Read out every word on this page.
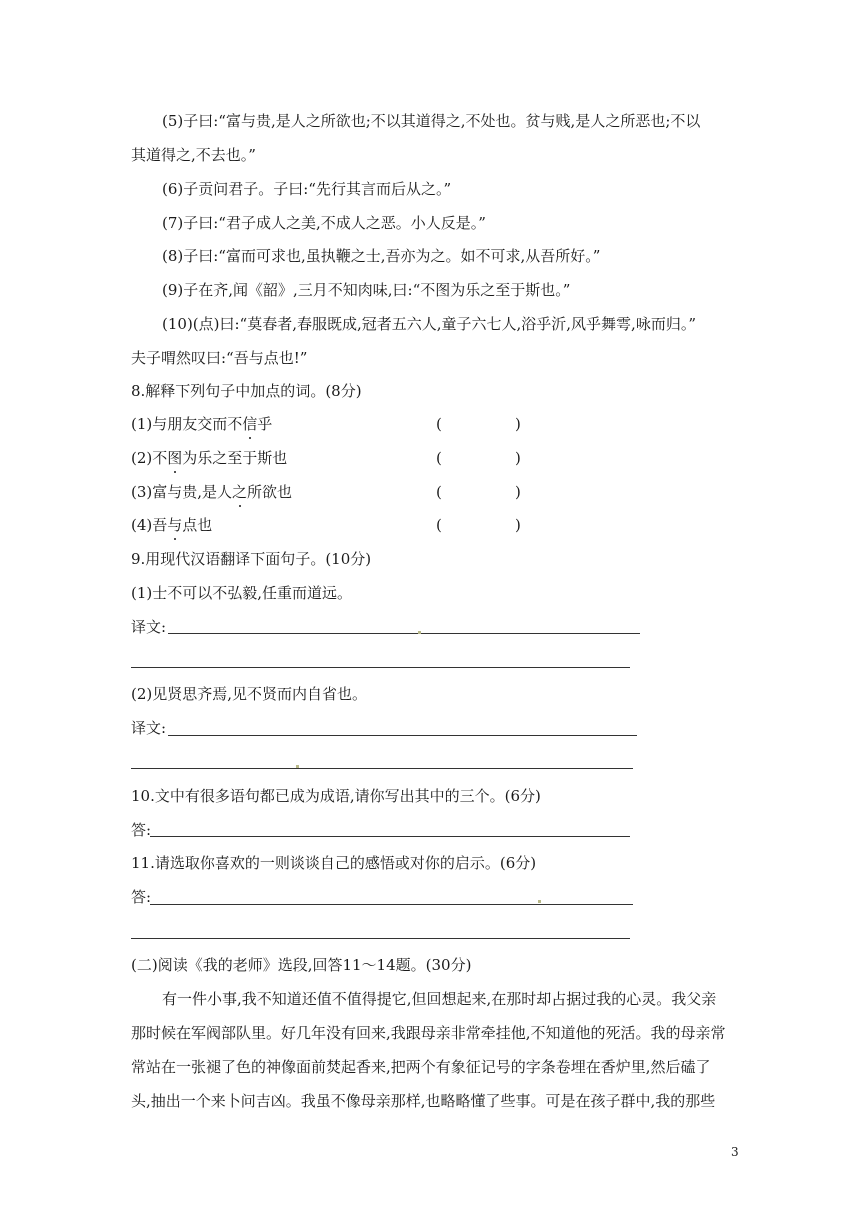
(5)子曰:“富与贵,是人之所欲也;不以其道得之,不处也。贫与贱,是人之所恶也;不以
其道得之,不去也。”
(6)子贡问君子。子曰:“先行其言而后从之。”
(7)子曰:“君子成人之美,不成人之恶。小人反是。”
(8)子曰:“富而可求也,虽执鞭之士,吾亦为之。如不可求,从吾所好。”
(9)子在齐,闻《韶》,三月不知肉味,曰:“不图为乐之至于斯也。”
(10)(点)曰:“莫春者,春服既成,冠者五六人,童子六七人,浴乎沂,风乎舞雩,咏而归。”
夫子喟然叹曰:“吾与点也!”
8.解释下列句子中加点的词。(8分)
(1)与朋友交而不信乎	(	)
(2)不图为乐之至于斯也	(	)
(3)富与贵,是人之所欲也	(	)
(4)吾与点也	(	)
9.用现代汉语翻译下面句子。(10分)
(1)士不可以不弘毅,任重而道远。
译文:
(2)见贤思齐焉,见不贤而内自省也。
译文:
10.文中有很多语句都已成为成语,请你写出其中的三个。(6分)
答:
11.请选取你喜欢的一则谈谈自己的感悟或对你的启示。(6分)
答:
(二)阅读《我的老师》选段,回答11～14题。(30分)
有一件小事,我不知道还值不值得提它,但回想起来,在那时却占据过我的心灵。我父亲
那时候在军阀部队里。好几年没有回来,我跟母亲非常牵挂他,不知道他的死活。我的母亲常
常站在一张褪了色的神像面前焚起香来,把两个有象征记号的字条卷埋在香炉里,然后磕了
头,抽出一个来卜问吉凶。我虽不像母亲那样,也略略懂了些事。可是在孩子群中,我的那些
3
